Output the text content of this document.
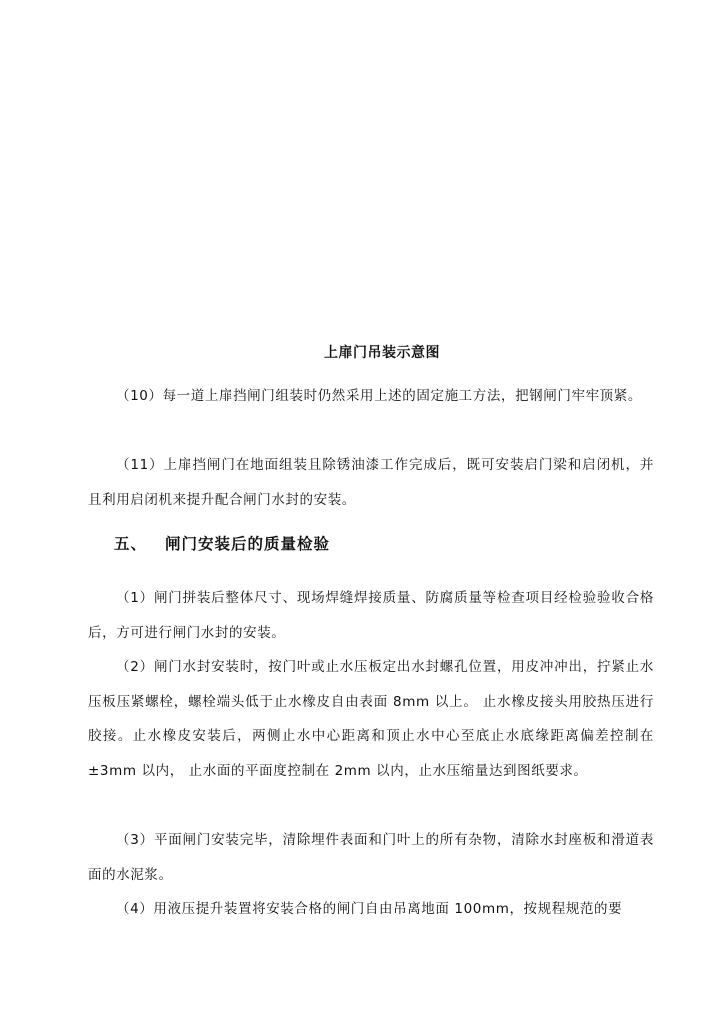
上扉门吊装示意图

（10）每一道上扉挡闸门组装时仍然采用上述的固定施工方法，把钢闸门牢牢顶紧。

（11）上扉挡闸门在地面组装且除锈油漆工作完成后，既可安装启门梁和启闭机，并且利用启闭机来提升配合闸门水封的安装。

五、 闸门安装后的质量检验

（1）闸门拼装后整体尺寸、现场焊缝焊接质量、防腐质量等检查项目经检验验收合格后，方可进行闸门水封的安装。

（2）闸门水封安装时，按门叶或止水压板定出水封螺孔位置，用皮冲冲出，拧紧止水压板压紧螺栓，螺栓端头低于止水橡皮自由表面 8mm 以上。 止水橡皮接头用胶热压进行胶接。止水橡皮安装后，两侧止水中心距离和顶止水中心至底止水底缘距离偏差控制在±3mm 以内， 止水面的平面度控制在 2mm 以内，止水压缩量达到图纸要求。

（3）平面闸门安装完毕，清除埋件表面和门叶上的所有杂物，清除水封座板和滑道表面的水泥浆。

（4）用液压提升装置将安装合格的闸门自由吊离地面 100mm，按规程规范的要
